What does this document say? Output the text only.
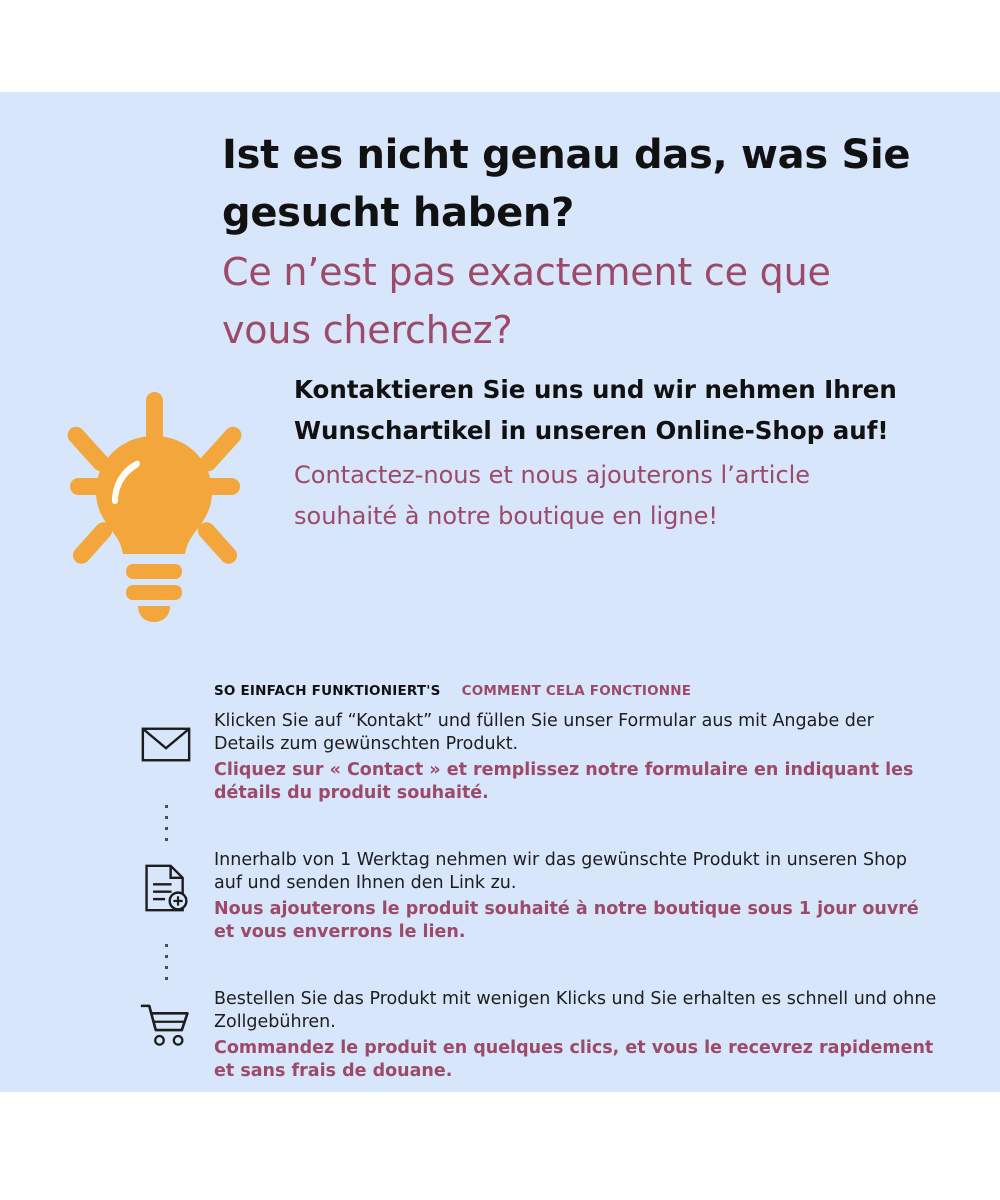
Ist es nicht genau das, was Sie gesucht haben?
Ce n’est pas exactement ce que vous cherchez?
Kontaktieren Sie uns und wir nehmen Ihren Wunschartikel in unseren Online-Shop auf!
Contactez-nous et nous ajouterons l’article souhaité à notre boutique en ligne!
SO EINFACH FUNKTIONIERT'S COMMENT CELA FONCTIONNE
Klicken Sie auf “Kontakt” und füllen Sie unser Formular aus mit Angabe der Details zum gewünschten Produkt.
Cliquez sur « Contact » et remplissez notre formulaire en indiquant les détails du produit souhaité.
Innerhalb von 1 Werktag nehmen wir das gewünschte Produkt in unseren Shop auf und senden Ihnen den Link zu.
Nous ajouterons le produit souhaité à notre boutique sous 1 jour ouvré et vous enverrons le lien.
Bestellen Sie das Produkt mit wenigen Klicks und Sie erhalten es schnell und ohne Zollgebühren.
Commandez le produit en quelques clics, et vous le recevrez rapidement et sans frais de douane.
